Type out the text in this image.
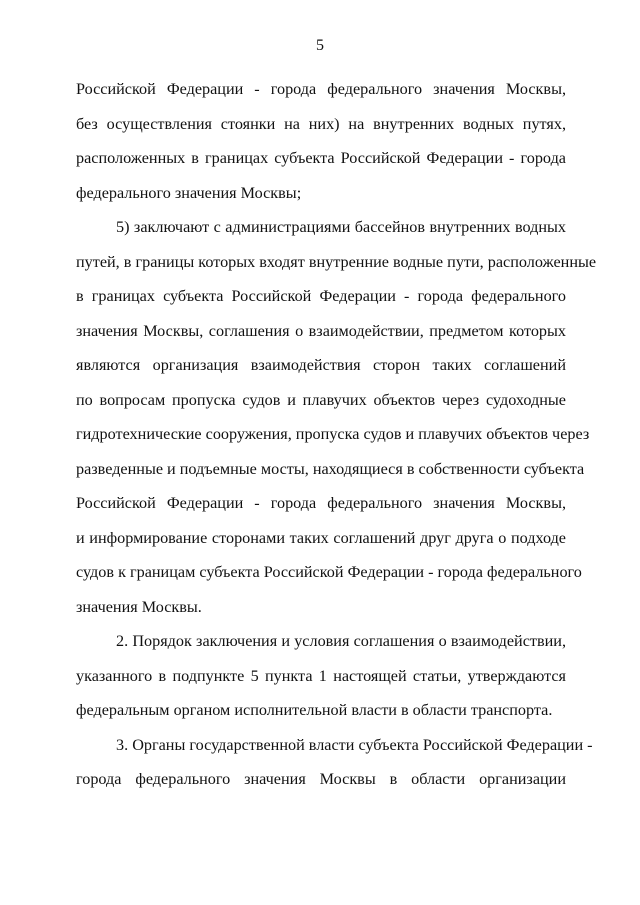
5
Российской Федерации - города федерального значения Москвы,
без осуществления стоянки на них) на внутренних водных путях,
расположенных в границах субъекта Российской Федерации - города
федерального значения Москвы;
5) заключают с администрациями бассейнов внутренних водных
путей, в границы которых входят внутренние водные пути, расположенные
в границах субъекта Российской Федерации - города федерального
значения Москвы, соглашения о взаимодействии, предметом которых
являются организация взаимодействия сторон таких соглашений
по вопросам пропуска судов и плавучих объектов через судоходные
гидротехнические сооружения, пропуска судов и плавучих объектов через
разведенные и подъемные мосты, находящиеся в собственности субъекта
Российской Федерации - города федерального значения Москвы,
и информирование сторонами таких соглашений друг друга о подходе
судов к границам субъекта Российской Федерации - города федерального
значения Москвы.
2. Порядок заключения и условия соглашения о взаимодействии,
указанного в подпункте 5 пункта 1 настоящей статьи, утверждаются
федеральным органом исполнительной власти в области транспорта.
3. Органы государственной власти субъекта Российской Федерации -
города федерального значения Москвы в области организации
